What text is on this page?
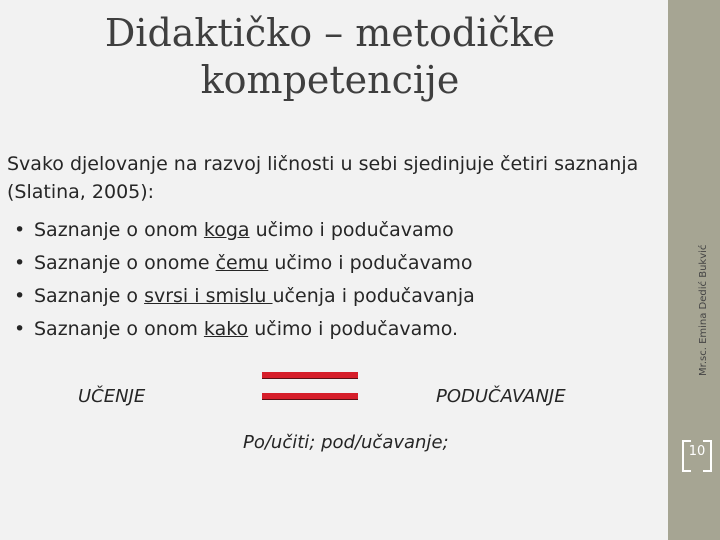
Didaktičko – metodičke kompetencije
Svako djelovanje na razvoj ličnosti u sebi sjedinjuje četiri saznanja (Slatina, 2005):
• Saznanje o onom koga učimo i podučavamo
• Saznanje o onome čemu učimo i podučavamo
• Saznanje o svrsi i smislu učenja i podučavanja
• Saznanje o onom kako učimo i podučavamo.
UČENJE	PODUČAVANJE
Po/učiti; pod/učavanje;
Mr.sc. Emina Dedić Bukvić
10
